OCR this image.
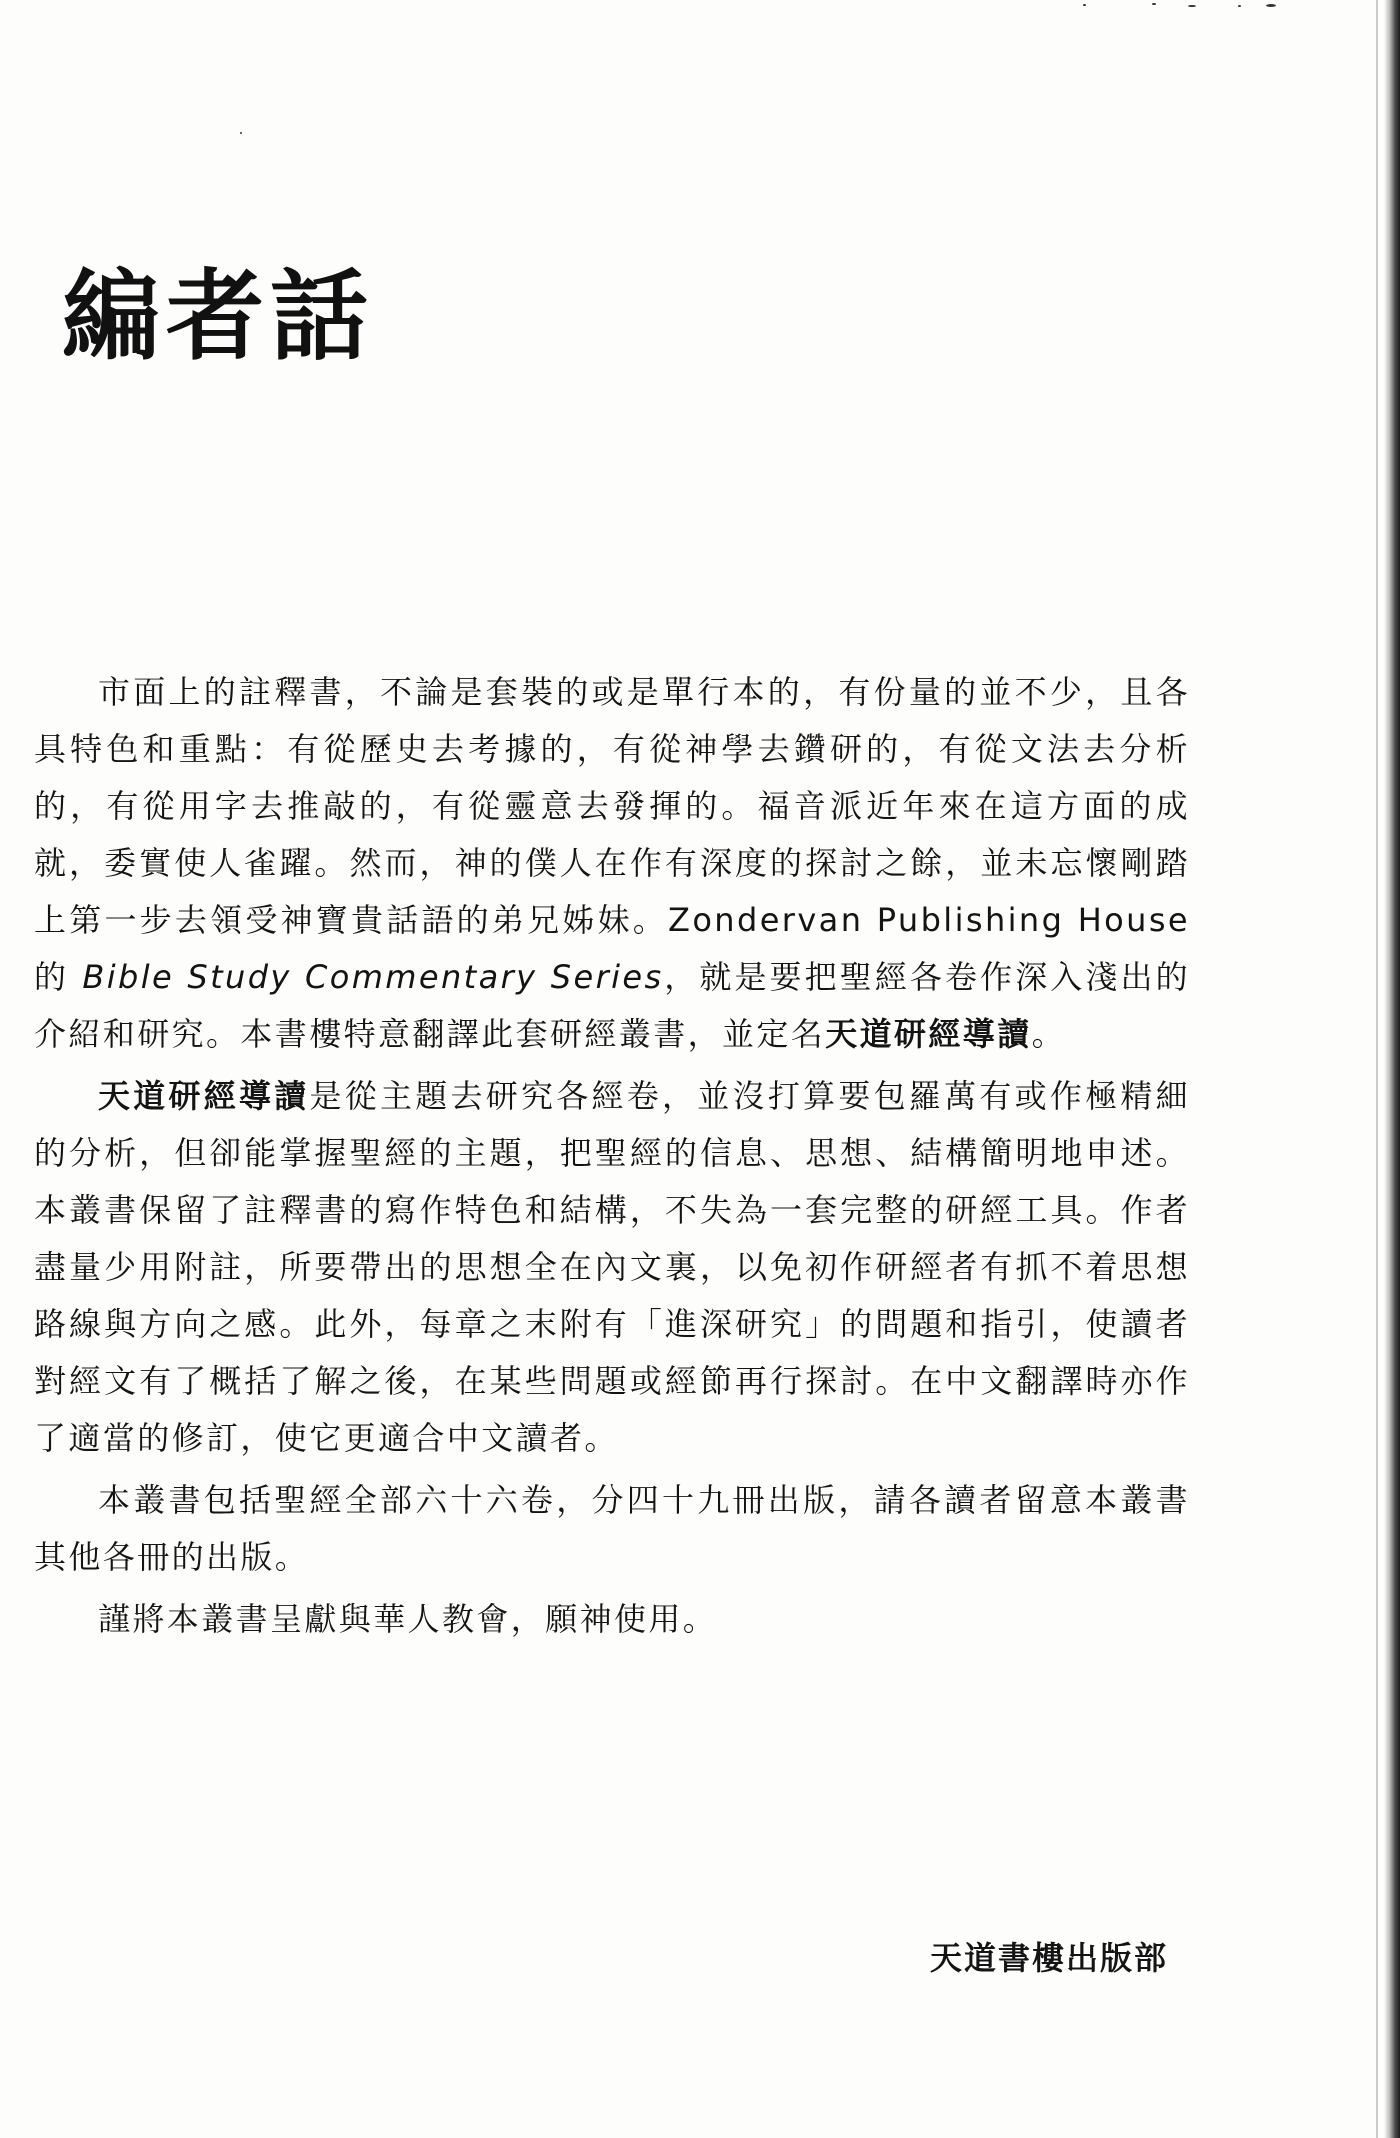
編者話

市面上的註釋書，不論是套裝的或是單行本的，有份量的並不少，且各具特色和重點：有從歷史去考據的，有從神學去鑽研的，有從文法去分析的，有從用字去推敲的，有從靈意去發揮的。福音派近年來在這方面的成就，委實使人雀躍。然而，神的僕人在作有深度的探討之餘，並未忘懷剛踏上第一步去領受神寶貴話語的弟兄姊妹。Zondervan Publishing House 的 Bible Study Commentary Series，就是要把聖經各卷作深入淺出的介紹和研究。本書樓特意翻譯此套研經叢書，並定名天道研經導讀。

天道研經導讀是從主題去研究各經卷，並沒打算要包羅萬有或作極精細的分析，但卻能掌握聖經的主題，把聖經的信息、思想、結構簡明地申述。本叢書保留了註釋書的寫作特色和結構，不失為一套完整的研經工具。作者盡量少用附註，所要帶出的思想全在內文裏，以免初作研經者有抓不着思想路線與方向之感。此外，每章之末附有「進深研究」的問題和指引，使讀者對經文有了概括了解之後，在某些問題或經節再行探討。在中文翻譯時亦作了適當的修訂，使它更適合中文讀者。

本叢書包括聖經全部六十六卷，分四十九冊出版，請各讀者留意本叢書其他各冊的出版。

謹將本叢書呈獻與華人教會，願神使用。

天道書樓出版部
